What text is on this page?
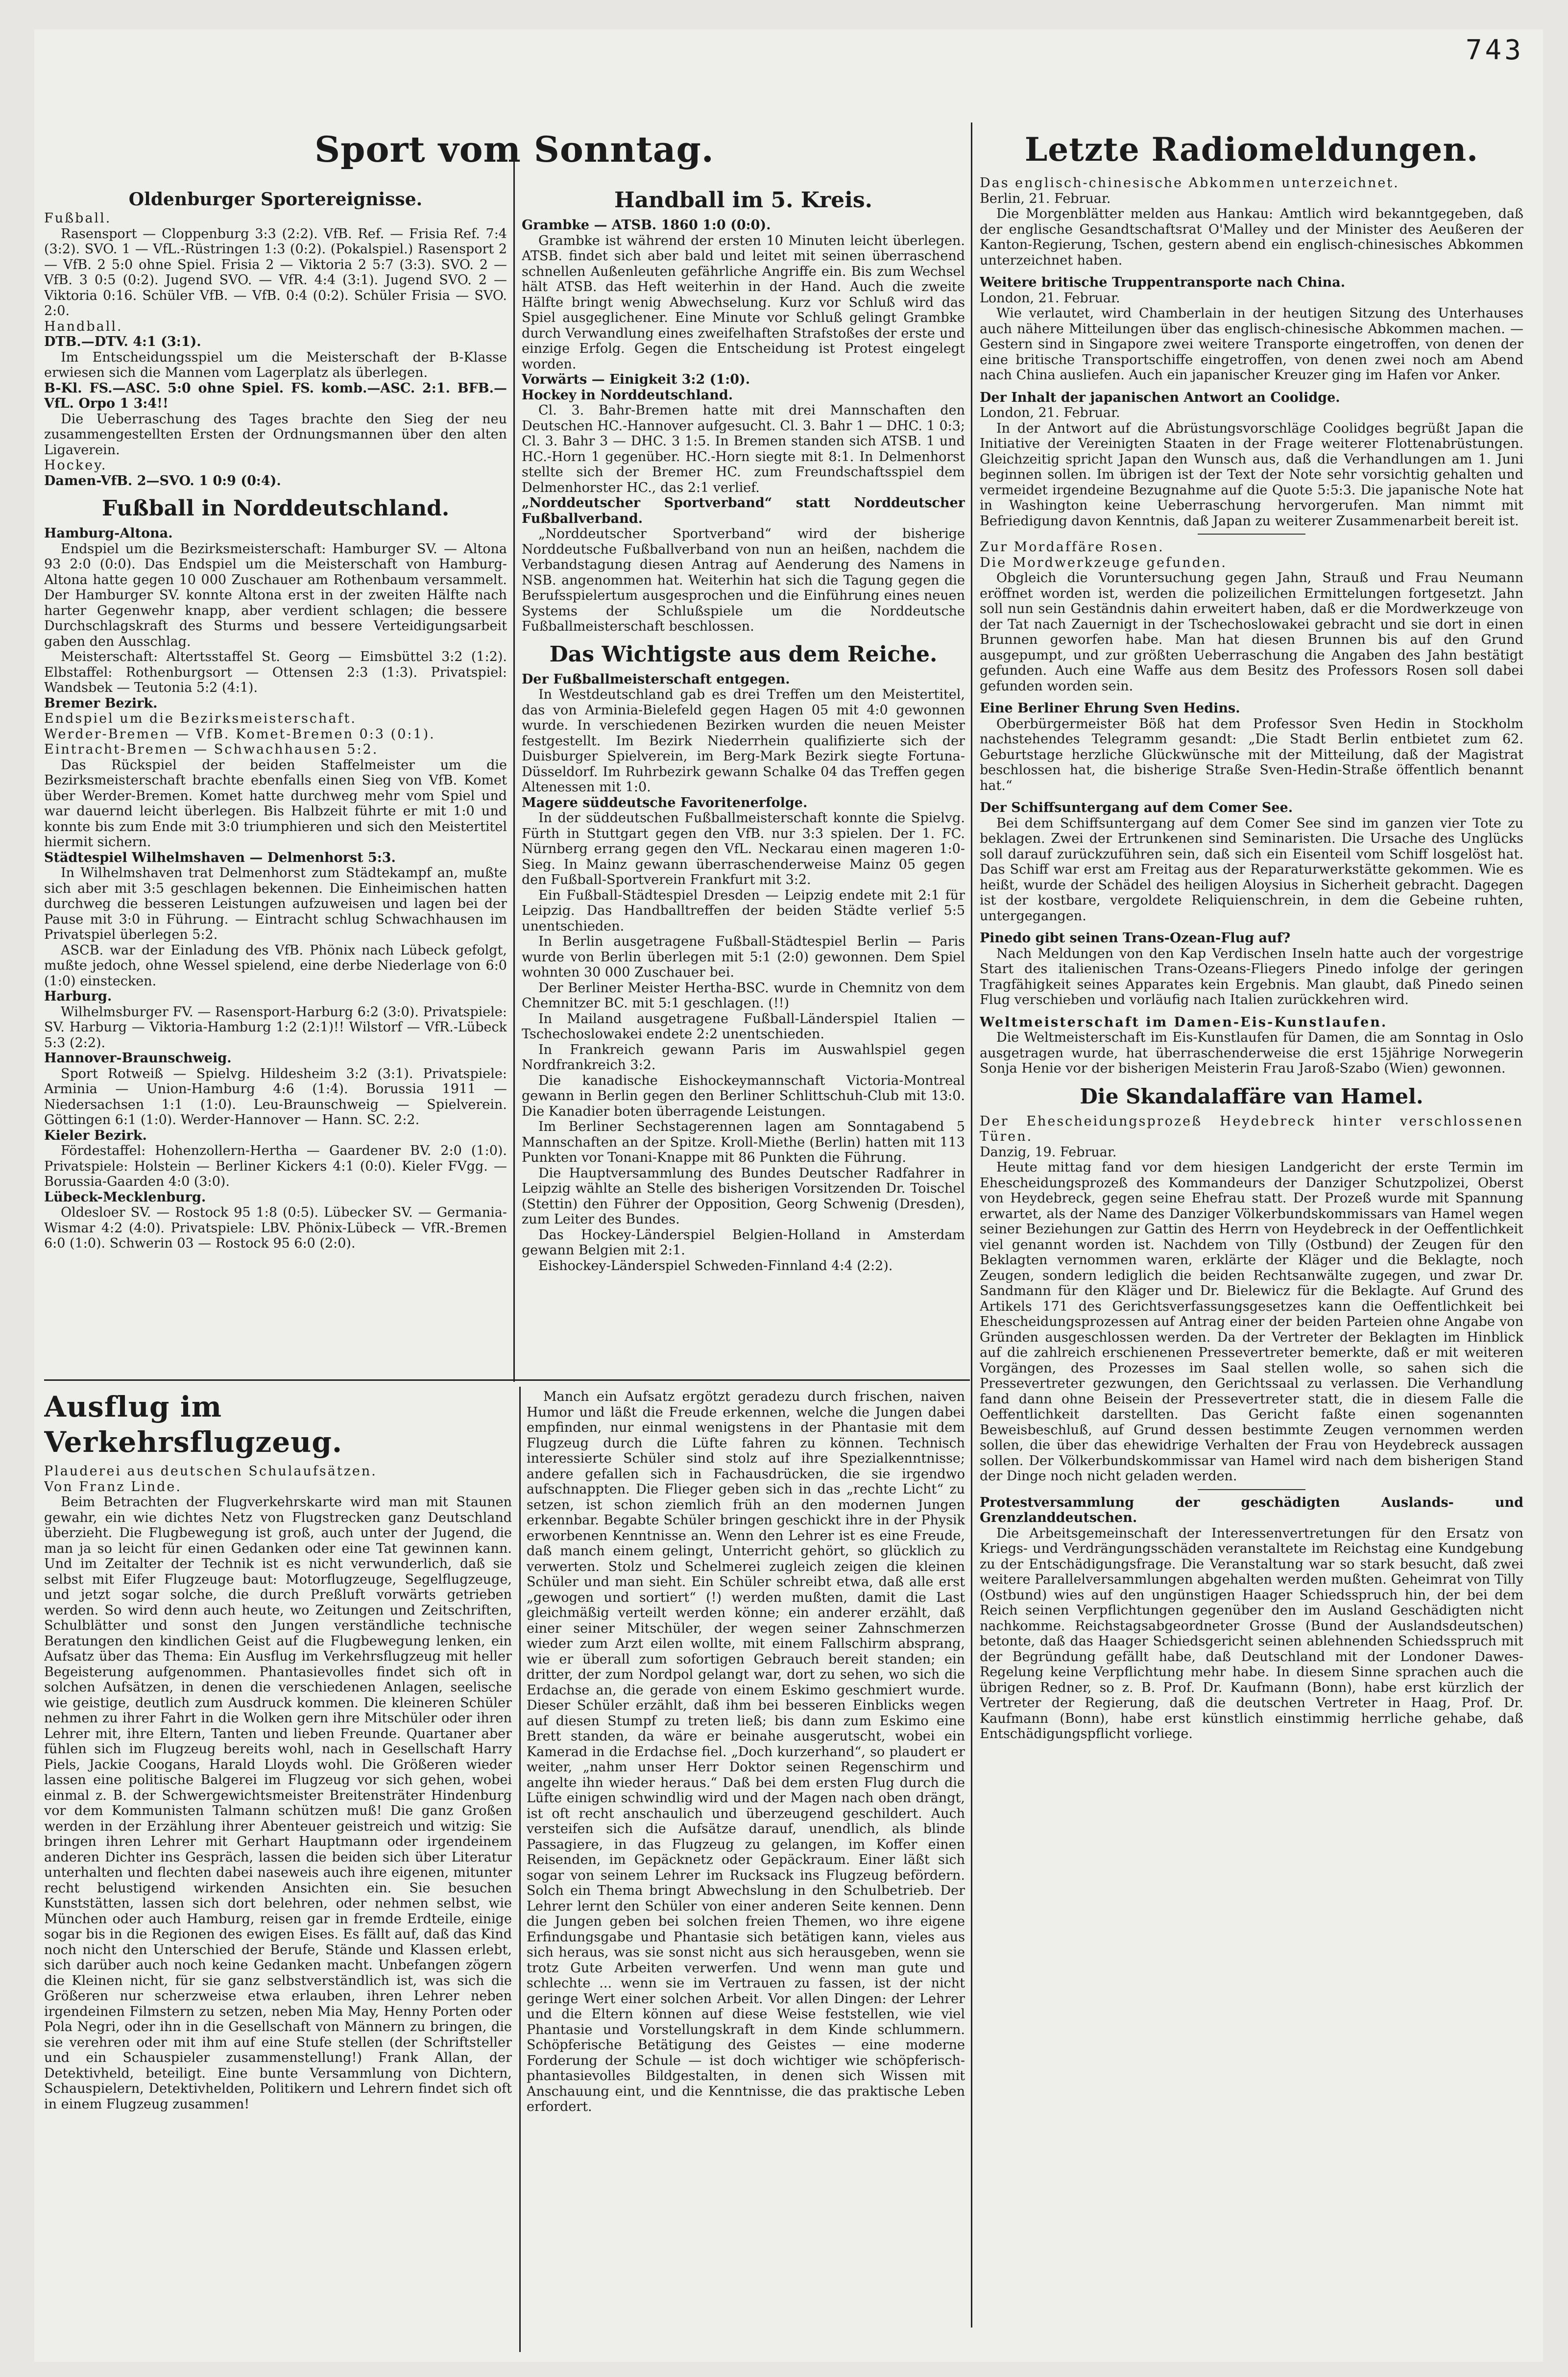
743
Sport vom Sonntag.
Oldenburger Sportereignisse.

Fußball.

Rasensport — Cloppenburg 3:3 (2:2). VfB. Ref. — Frisia Ref. 7:4 (3:2). SVO. 1 — VfL.-Rüstringen 1:3 (0:2). (Pokalspiel.) Rasensport 2 — VfB. 2 5:0 ohne Spiel. Frisia 2 — Viktoria 2 5:7 (3:3). SVO. 2 — VfB. 3 0:5 (0:2). Jugend SVO. — VfR. 4:4 (3:1). Jugend SVO. 2 — Viktoria 0:16. Schüler VfB. — VfB. 0:4 (0:2). Schüler Frisia — SVO. 2:0.

Handball.

DTB.—DTV. 4:1 (3:1).

Im Entscheidungsspiel um die Meisterschaft der B-Klasse erwiesen sich die Mannen vom Lagerplatz als überlegen.

B-Kl. FS.—ASC. 5:0 ohne Spiel. FS. komb.—ASC. 2:1. BFB.—VfL. Orpo 1 3:4!!

Die Ueberraschung des Tages brachte den Sieg der neu zusammengestellten Ersten der Ordnungsmannen über den alten Ligaverein.

Hockey.

Damen-VfB. 2—SVO. 1 0:9 (0:4).

Fußball in Norddeutschland.

Hamburg-Altona.

Endspiel um die Bezirksmeisterschaft: Hamburger SV. — Altona 93 2:0 (0:0). Das Endspiel um die Meisterschaft von Hamburg-Altona hatte gegen 10 000 Zuschauer am Rothenbaum versammelt. Der Hamburger SV. konnte Altona erst in der zweiten Hälfte nach harter Gegenwehr knapp, aber verdient schlagen; die bessere Durchschlagskraft des Sturms und bessere Verteidigungsarbeit gaben den Ausschlag.

Meisterschaft: Altertsstaffel St. Georg — Eimsbüttel 3:2 (1:2). Elbstaffel: Rothenburgsort — Ottensen 2:3 (1:3). Privatspiel: Wandsbek — Teutonia 5:2 (4:1).

Bremer Bezirk.

Endspiel um die Bezirksmeisterschaft.

Werder-Bremen — VfB. Komet-Bremen 0:3 (0:1).

Eintracht-Bremen — Schwachhausen 5:2.

Das Rückspiel der beiden Staffelmeister um die Bezirksmeisterschaft brachte ebenfalls einen Sieg von VfB. Komet über Werder-Bremen. Komet hatte durchweg mehr vom Spiel und war dauernd leicht überlegen. Bis Halbzeit führte er mit 1:0 und konnte bis zum Ende mit 3:0 triumphieren und sich den Meistertitel hiermit sichern.

Städtespiel Wilhelmshaven — Delmenhorst 5:3.

In Wilhelmshaven trat Delmenhorst zum Städtekampf an, mußte sich aber mit 3:5 geschlagen bekennen. Die Einheimischen hatten durchweg die besseren Leistungen aufzuweisen und lagen bei der Pause mit 3:0 in Führung. — Eintracht schlug Schwachhausen im Privatspiel überlegen 5:2.

ASCB. war der Einladung des VfB. Phönix nach Lübeck gefolgt, mußte jedoch, ohne Wessel spielend, eine derbe Niederlage von 6:0 (1:0) einstecken.

Harburg.

Wilhelmsburger FV. — Rasensport-Harburg 6:2 (3:0). Privatspiele: SV. Harburg — Viktoria-Hamburg 1:2 (2:1)!! Wilstorf — VfR.-Lübeck 5:3 (2:2).

Hannover-Braunschweig.

Sport Rotweiß — Spielvg. Hildesheim 3:2 (3:1). Privatspiele: Arminia — Union-Hamburg 4:6 (1:4). Borussia 1911 — Niedersachsen 1:1 (1:0). Leu-Braunschweig — Spielverein. Göttingen 6:1 (1:0). Werder-Hannover — Hann. SC. 2:2.

Kieler Bezirk.

Fördestaffel: Hohenzollern-Hertha — Gaardener BV. 2:0 (1:0). Privatspiele: Holstein — Berliner Kickers 4:1 (0:0). Kieler FVgg. — Borussia-Gaarden 4:0 (3:0).

Lübeck-Mecklenburg.

Oldesloer SV. — Rostock 95 1:8 (0:5). Lübecker SV. — Germania-Wismar 4:2 (4:0). Privatspiele: LBV. Phönix-Lübeck — VfR.-Bremen 6:0 (1:0). Schwerin 03 — Rostock 95 6:0 (2:0).

Handball im 5. Kreis.

Grambke — ATSB. 1860 1:0 (0:0).

Grambke ist während der ersten 10 Minuten leicht überlegen. ATSB. findet sich aber bald und leitet mit seinen überraschend schnellen Außenleuten gefährliche Angriffe ein. Bis zum Wechsel hält ATSB. das Heft weiterhin in der Hand. Auch die zweite Hälfte bringt wenig Abwechselung. Kurz vor Schluß wird das Spiel ausgeglichener. Eine Minute vor Schluß gelingt Grambke durch Verwandlung eines zweifelhaften Strafstoßes der erste und einzige Erfolg. Gegen die Entscheidung ist Protest eingelegt worden.

Vorwärts — Einigkeit 3:2 (1:0).

Hockey in Norddeutschland.

Cl. 3. Bahr-Bremen hatte mit drei Mannschaften den Deutschen HC.-Hannover aufgesucht. Cl. 3. Bahr 1 — DHC. 1 0:3; Cl. 3. Bahr 3 — DHC. 3 1:5. In Bremen standen sich ATSB. 1 und HC.-Horn 1 gegenüber. HC.-Horn siegte mit 8:1. In Delmenhorst stellte sich der Bremer HC. zum Freundschaftsspiel dem Delmenhorster HC., das 2:1 verlief.

„Norddeutscher Sportverband“ statt Norddeutscher Fußballverband.

„Norddeutscher Sportverband“ wird der bisherige Norddeutsche Fußballverband von nun an heißen, nachdem die Verbandstagung diesen Antrag auf Aenderung des Namens in NSB. angenommen hat. Weiterhin hat sich die Tagung gegen die Berufsspielertum ausgesprochen und die Einführung eines neuen Systems der Schlußspiele um die Norddeutsche Fußballmeisterschaft beschlossen.

Das Wichtigste aus dem Reiche.

Der Fußballmeisterschaft entgegen.

In Westdeutschland gab es drei Treffen um den Meistertitel, das von Arminia-Bielefeld gegen Hagen 05 mit 4:0 gewonnen wurde. In verschiedenen Bezirken wurden die neuen Meister festgestellt. Im Bezirk Niederrhein qualifizierte sich der Duisburger Spielverein, im Berg-Mark Bezirk siegte Fortuna-Düsseldorf. Im Ruhrbezirk gewann Schalke 04 das Treffen gegen Altenessen mit 1:0.

Magere süddeutsche Favoritenerfolge.

In der süddeutschen Fußballmeisterschaft konnte die Spielvg. Fürth in Stuttgart gegen den VfB. nur 3:3 spielen. Der 1. FC. Nürnberg errang gegen den VfL. Neckarau einen mageren 1:0-Sieg. In Mainz gewann überraschenderweise Mainz 05 gegen den Fußball-Sportverein Frankfurt mit 3:2.

Ein Fußball-Städtespiel Dresden — Leipzig endete mit 2:1 für Leipzig. Das Handballtreffen der beiden Städte verlief 5:5 unentschieden.

In Berlin ausgetragene Fußball-Städtespiel Berlin — Paris wurde von Berlin überlegen mit 5:1 (2:0) gewonnen. Dem Spiel wohnten 30 000 Zuschauer bei.

Der Berliner Meister Hertha-BSC. wurde in Chemnitz von dem Chemnitzer BC. mit 5:1 geschlagen. (!!)

In Mailand ausgetragene Fußball-Länderspiel Italien — Tschechoslowakei endete 2:2 unentschieden.

In Frankreich gewann Paris im Auswahlspiel gegen Nordfrankreich 3:2.

Die kanadische Eishockeymannschaft Victoria-Montreal gewann in Berlin gegen den Berliner Schlittschuh-Club mit 13:0. Die Kanadier boten überragende Leistungen.

Im Berliner Sechstagerennen lagen am Sonntagabend 5 Mannschaften an der Spitze. Kroll-Miethe (Berlin) hatten mit 113 Punkten vor Tonani-Knappe mit 86 Punkten die Führung.

Die Hauptversammlung des Bundes Deutscher Radfahrer in Leipzig wählte an Stelle des bisherigen Vorsitzenden Dr. Toischel (Stettin) den Führer der Opposition, Georg Schwenig (Dresden), zum Leiter des Bundes.

Das Hockey-Länderspiel Belgien-Holland in Amsterdam gewann Belgien mit 2:1.

Eishockey-Länderspiel Schweden-Finnland 4:4 (2:2).

Letzte Radiomeldungen.

Das englisch-chinesische Abkommen unterzeichnet.

Berlin, 21. Februar.

Die Morgenblätter melden aus Hankau: Amtlich wird bekanntgegeben, daß der englische Gesandtschaftsrat O'Malley und der Minister des Aeußeren der Kanton-Regierung, Tschen, gestern abend ein englisch-chinesisches Abkommen unterzeichnet haben.

Weitere britische Truppentransporte nach China.

London, 21. Februar.

Wie verlautet, wird Chamberlain in der heutigen Sitzung des Unterhauses auch nähere Mitteilungen über das englisch-chinesische Abkommen machen. — Gestern sind in Singapore zwei weitere Transporte eingetroffen, von denen der eine britische Transportschiffe eingetroffen, von denen zwei noch am Abend nach China ausliefen. Auch ein japanischer Kreuzer ging im Hafen vor Anker.

Der Inhalt der japanischen Antwort an Coolidge.

London, 21. Februar.

In der Antwort auf die Abrüstungsvorschläge Coolidges begrüßt Japan die Initiative der Vereinigten Staaten in der Frage weiterer Flottenabrüstungen. Gleichzeitig spricht Japan den Wunsch aus, daß die Verhandlungen am 1. Juni beginnen sollen. Im übrigen ist der Text der Note sehr vorsichtig gehalten und vermeidet irgendeine Bezugnahme auf die Quote 5:5:3. Die japanische Note hat in Washington keine Ueberraschung hervorgerufen. Man nimmt mit Befriedigung davon Kenntnis, daß Japan zu weiterer Zusammenarbeit bereit ist.

Zur Mordaffäre Rosen.

Die Mordwerkzeuge gefunden.

Obgleich die Voruntersuchung gegen Jahn, Strauß und Frau Neumann eröffnet worden ist, werden die polizeilichen Ermittelungen fortgesetzt. Jahn soll nun sein Geständnis dahin erweitert haben, daß er die Mordwerkzeuge von der Tat nach Zauernigt in der Tschechoslowakei gebracht und sie dort in einen Brunnen geworfen habe. Man hat diesen Brunnen bis auf den Grund ausgepumpt, und zur größten Ueberraschung die Angaben des Jahn bestätigt gefunden. Auch eine Waffe aus dem Besitz des Professors Rosen soll dabei gefunden worden sein.

Eine Berliner Ehrung Sven Hedins.

Oberbürgermeister Böß hat dem Professor Sven Hedin in Stockholm nachstehendes Telegramm gesandt: „Die Stadt Berlin entbietet zum 62. Geburtstage herzliche Glückwünsche mit der Mitteilung, daß der Magistrat beschlossen hat, die bisherige Straße Sven-Hedin-Straße öffentlich benannt hat.“

Der Schiffsuntergang auf dem Comer See.

Bei dem Schiffsuntergang auf dem Comer See sind im ganzen vier Tote zu beklagen. Zwei der Ertrunkenen sind Seminaristen. Die Ursache des Unglücks soll darauf zurückzuführen sein, daß sich ein Eisenteil vom Schiff losgelöst hat. Das Schiff war erst am Freitag aus der Reparaturwerkstätte gekommen. Wie es heißt, wurde der Schädel des heiligen Aloysius in Sicherheit gebracht. Dagegen ist der kostbare, vergoldete Reliquienschrein, in dem die Gebeine ruhten, untergegangen.

Pinedo gibt seinen Trans-Ozean-Flug auf?

Nach Meldungen von den Kap Verdischen Inseln hatte auch der vorgestrige Start des italienischen Trans-Ozeans-Fliegers Pinedo infolge der geringen Tragfähigkeit seines Apparates kein Ergebnis. Man glaubt, daß Pinedo seinen Flug verschieben und vorläufig nach Italien zurückkehren wird.

Weltmeisterschaft im Damen-Eis-Kunstlaufen.

Die Weltmeisterschaft im Eis-Kunstlaufen für Damen, die am Sonntag in Oslo ausgetragen wurde, hat überraschenderweise die erst 15jährige Norwegerin Sonja Henie vor der bisherigen Meisterin Frau Jaroß-Szabo (Wien) gewonnen.

Die Skandalaffäre van Hamel.

Der Ehescheidungsprozeß Heydebreck hinter verschlossenen Türen.

Danzig, 19. Februar.

Heute mittag fand vor dem hiesigen Landgericht der erste Termin im Ehescheidungsprozeß des Kommandeurs der Danziger Schutzpolizei, Oberst von Heydebreck, gegen seine Ehefrau statt. Der Prozeß wurde mit Spannung erwartet, als der Name des Danziger Völkerbundskommissars van Hamel wegen seiner Beziehungen zur Gattin des Herrn von Heydebreck in der Oeffentlichkeit viel genannt worden ist. Nachdem von Tilly (Ostbund) der Zeugen für den Beklagten vernommen waren, erklärte der Kläger und die Beklagte, noch Zeugen, sondern lediglich die beiden Rechtsanwälte zugegen, und zwar Dr. Sandmann für den Kläger und Dr. Bielewicz für die Beklagte. Auf Grund des Artikels 171 des Gerichtsverfassungsgesetzes kann die Oeffentlichkeit bei Ehescheidungsprozessen auf Antrag einer der beiden Parteien ohne Angabe von Gründen ausgeschlossen werden. Da der Vertreter der Beklagten im Hinblick auf die zahlreich erschienenen Pressevertreter bemerkte, daß er mit weiteren Vorgängen, des Prozesses im Saal stellen wolle, so sahen sich die Pressevertreter gezwungen, den Gerichtssaal zu verlassen. Die Verhandlung fand dann ohne Beisein der Pressevertreter statt, die in diesem Falle die Oeffentlichkeit darstellten. Das Gericht faßte einen sogenannten Beweisbeschluß, auf Grund dessen bestimmte Zeugen vernommen werden sollen, die über das ehewidrige Verhalten der Frau von Heydebreck aussagen sollen. Der Völkerbundskommissar van Hamel wird nach dem bisherigen Stand der Dinge noch nicht geladen werden.

Protestversammlung der geschädigten Auslands- und Grenzlanddeutschen.

Die Arbeitsgemeinschaft der Interessenvertretungen für den Ersatz von Kriegs- und Verdrängungsschäden veranstaltete im Reichstag eine Kundgebung zu der Entschädigungsfrage. Die Veranstaltung war so stark besucht, daß zwei weitere Parallelversammlungen abgehalten werden mußten. Geheimrat von Tilly (Ostbund) wies auf den ungünstigen Haager Schiedsspruch hin, der bei dem Reich seinen Verpflichtungen gegenüber den im Ausland Geschädigten nicht nachkomme. Reichstagsabgeordneter Grosse (Bund der Auslandsdeutschen) betonte, daß das Haager Schiedsgericht seinen ablehnenden Schiedsspruch mit der Begründung gefällt habe, daß Deutschland mit der Londoner Dawes-Regelung keine Verpflichtung mehr habe. In diesem Sinne sprachen auch die übrigen Redner, so z. B. Prof. Dr. Kaufmann (Bonn), habe erst kürzlich der Vertreter der Regierung, daß die deutschen Vertreter in Haag, Prof. Dr. Kaufmann (Bonn), habe erst künstlich einstimmig herrliche gehabe, daß Entschädigungspflicht vorliege.

Ausflug im Verkehrsflugzeug.

Plauderei aus deutschen Schulaufsätzen.

Von Franz Linde.

Beim Betrachten der Flugverkehrskarte wird man mit Staunen gewahr, ein wie dichtes Netz von Flugstrecken ganz Deutschland überzieht. Die Flugbewegung ist groß, auch unter der Jugend, die man ja so leicht für einen Gedanken oder eine Tat gewinnen kann. Und im Zeitalter der Technik ist es nicht verwunderlich, daß sie selbst mit Eifer Flugzeuge baut: Motorflugzeuge, Segelflugzeuge, und jetzt sogar solche, die durch Preßluft vorwärts getrieben werden. So wird denn auch heute, wo Zeitungen und Zeitschriften, Schulblätter und sonst den Jungen verständliche technische Beratungen den kindlichen Geist auf die Flugbewegung lenken, ein Aufsatz über das Thema: Ein Ausflug im Verkehrsflugzeug mit heller Begeisterung aufgenommen. Phantasievolles findet sich oft in solchen Aufsätzen, in denen die verschiedenen Anlagen, seelische wie geistige, deutlich zum Ausdruck kommen. Die kleineren Schüler nehmen zu ihrer Fahrt in die Wolken gern ihre Mitschüler oder ihren Lehrer mit, ihre Eltern, Tanten und lieben Freunde. Quartaner aber fühlen sich im Flugzeug bereits wohl, nach in Gesellschaft Harry Piels, Jackie Coogans, Harald Lloyds wohl. Die Größeren wieder lassen eine politische Balgerei im Flugzeug vor sich gehen, wobei einmal z. B. der Schwergewichtsmeister Breitensträter Hindenburg vor dem Kommunisten Talmann schützen muß! Die ganz Großen werden in der Erzählung ihrer Abenteuer geistreich und witzig: Sie bringen ihren Lehrer mit Gerhart Hauptmann oder irgendeinem anderen Dichter ins Gespräch, lassen die beiden sich über Literatur unterhalten und flechten dabei naseweis auch ihre eigenen, mitunter recht belustigend wirkenden Ansichten ein. Sie besuchen Kunststätten, lassen sich dort belehren, oder nehmen selbst, wie München oder auch Hamburg, reisen gar in fremde Erdteile, einige sogar bis in die Regionen des ewigen Eises. Es fällt auf, daß das Kind noch nicht den Unterschied der Berufe, Stände und Klassen erlebt, sich darüber auch noch keine Gedanken macht. Unbefangen zögern die Kleinen nicht, für sie ganz selbstverständlich ist, was sich die Größeren nur scherzweise etwa erlauben, ihren Lehrer neben irgendeinen Filmstern zu setzen, neben Mia May, Henny Porten oder Pola Negri, oder ihn in die Gesellschaft von Männern zu bringen, die sie verehren oder mit ihm auf eine Stufe stellen (der Schriftsteller und ein Schauspieler zusammenstellung!) Frank Allan, der Detektivheld, beteiligt. Eine bunte Versammlung von Dichtern, Schauspielern, Detektivhelden, Politikern und Lehrern findet sich oft in einem Flugzeug zusammen!

Manch ein Aufsatz ergötzt geradezu durch frischen, naiven Humor und läßt die Freude erkennen, welche die Jungen dabei empfinden, nur einmal wenigstens in der Phantasie mit dem Flugzeug durch die Lüfte fahren zu können. Technisch interessierte Schüler sind stolz auf ihre Spezialkenntnisse; andere gefallen sich in Fachausdrücken, die sie irgendwo aufschnappten. Die Flieger geben sich in das „rechte Licht“ zu setzen, ist schon ziemlich früh an den modernen Jungen erkennbar. Begabte Schüler bringen geschickt ihre in der Physik erworbenen Kenntnisse an. Wenn den Lehrer ist es eine Freude, daß manch einem gelingt, Unterricht gehört, so glücklich zu verwerten. Stolz und Schelmerei zugleich zeigen die kleinen Schüler und man sieht. Ein Schüler schreibt etwa, daß alle erst „gewogen und sortiert“ (!) werden mußten, damit die Last gleichmäßig verteilt werden könne; ein anderer erzählt, daß einer seiner Mitschüler, der wegen seiner Zahnschmerzen wieder zum Arzt eilen wollte, mit einem Fallschirm absprang, wie er überall zum sofortigen Gebrauch bereit standen; ein dritter, der zum Nordpol gelangt war, dort zu sehen, wo sich die Erdachse an, die gerade von einem Eskimo geschmiert wurde. Dieser Schüler erzählt, daß ihm bei besseren Einblicks wegen auf diesen Stumpf zu treten ließ; bis dann zum Eskimo eine Brett standen, da wäre er beinahe ausgerutscht, wobei ein Kamerad in die Erdachse fiel. „Doch kurzerhand“, so plaudert er weiter, „nahm unser Herr Doktor seinen Regenschirm und angelte ihn wieder heraus.“ Daß bei dem ersten Flug durch die Lüfte einigen schwindlig wird und der Magen nach oben drängt, ist oft recht anschaulich und überzeugend geschildert. Auch versteifen sich die Aufsätze darauf, unendlich, als blinde Passagiere, in das Flugzeug zu gelangen, im Koffer einen Reisenden, im Gepäcknetz oder Gepäckraum. Einer läßt sich sogar von seinem Lehrer im Rucksack ins Flugzeug befördern. Solch ein Thema bringt Abwechslung in den Schulbetrieb. Der Lehrer lernt den Schüler von einer anderen Seite kennen. Denn die Jungen geben bei solchen freien Themen, wo ihre eigene Erfindungsgabe und Phantasie sich betätigen kann, vieles aus sich heraus, was sie sonst nicht aus sich herausgeben, wenn sie trotz Gute Arbeiten verwerfen. Und wenn man gute und schlechte ... wenn sie im Vertrauen zu fassen, ist der nicht geringe Wert einer solchen Arbeit. Vor allen Dingen: der Lehrer und die Eltern können auf diese Weise feststellen, wie viel Phantasie und Vorstellungskraft in dem Kinde schlummern. Schöpferische Betätigung des Geistes — eine moderne Forderung der Schule — ist doch wichtiger wie schöpferisch-phantasievolles Bildgestalten, in denen sich Wissen mit Anschauung eint, und die Kenntnisse, die das praktische Leben erfordert.
